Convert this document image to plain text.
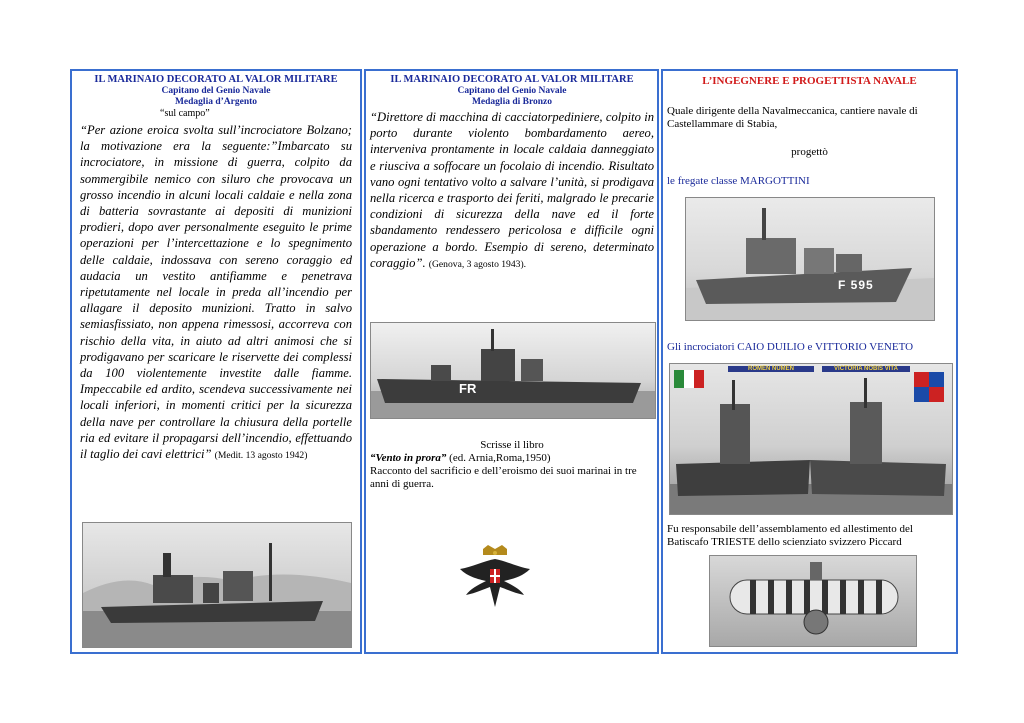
IL MARINAIO DECORATO AL VALOR MILITARE
Capitano del Genio Navale
Medaglia d’Argento
“sul campo”
“Per azione eroica svolta sull’incrociatore Bolzano; la motivazione era la seguente:”Imbarcato su incrociatore, in missione di guerra, colpito da sommergibile nemico con siluro che provocava un grosso incendio in alcuni locali caldaie e nella zona di batteria sovrastante ai depositi di munizioni prodieri, dopo aver personalmente eseguito le prime operazioni per l’intercettazione e lo spegnimento delle caldaie, indossava con sereno coraggio ed audacia un vestito antifiamme e penetrava ripetutamente nel locale in preda all’incendio per allagare il deposito munizioni. Tratto in salvo semiasfissiato, non appena rimessosi, accorreva con rischio della vita, in aiuto ad altri animosi che si prodigavano per scaricare le riservette dei complessi da 100 violentemente investite dalle fiamme. Impeccabile ed ardito, scendeva successivamente nei locali inferiori, in momenti critici per la sicurezza della nave per controllare la chiusura della portelle ria ed evitare il propagarsi dell’incendio, effettuando il taglio dei cavi elettrici” (Medit. 13 agosto 1942)
IL MARINAIO DECORATO AL VALOR MILITARE
Capitano del Genio Navale
Medaglia di Bronzo
“Direttore di macchina di cacciatorpediniere, colpito in porto durante violento bombardamento aereo, interveniva prontamente in locale caldaia danneggiato e riusciva a soffocare un focolaio di incendio. Risultato vano ogni tentativo volto a salvare l’unità, si prodigava nella ricerca e trasporto dei feriti, malgrado le precarie condizioni di sicurezza della nave ed il forte sbandamento rendessero pericolosa e difficile ogni operazione a bordo. Esempio di sereno, determinato coraggio”. (Genova, 3 agosto 1943).
FR
Scrisse il libro
“Vento in prora” (ed. Arnia,Roma,1950)
Racconto del sacrificio e dell’eroismo dei suoi marinai in tre anni di guerra.
L’INGEGNERE E PROGETTISTA NAVALE
Quale dirigente della Navalmeccanica, cantiere navale di Castellammare di Stabia,
progettò
le fregate classe MARGOTTINI
F 595
Gli incrociatori CAIO DUILIO e VITTORIO VENETO
ROMEN NUMEN	VICTORIA NOBIS VITA
Fu responsabile dell’assemblamento ed allestimento del Batiscafo TRIESTE dello scienziato svizzero Piccard
